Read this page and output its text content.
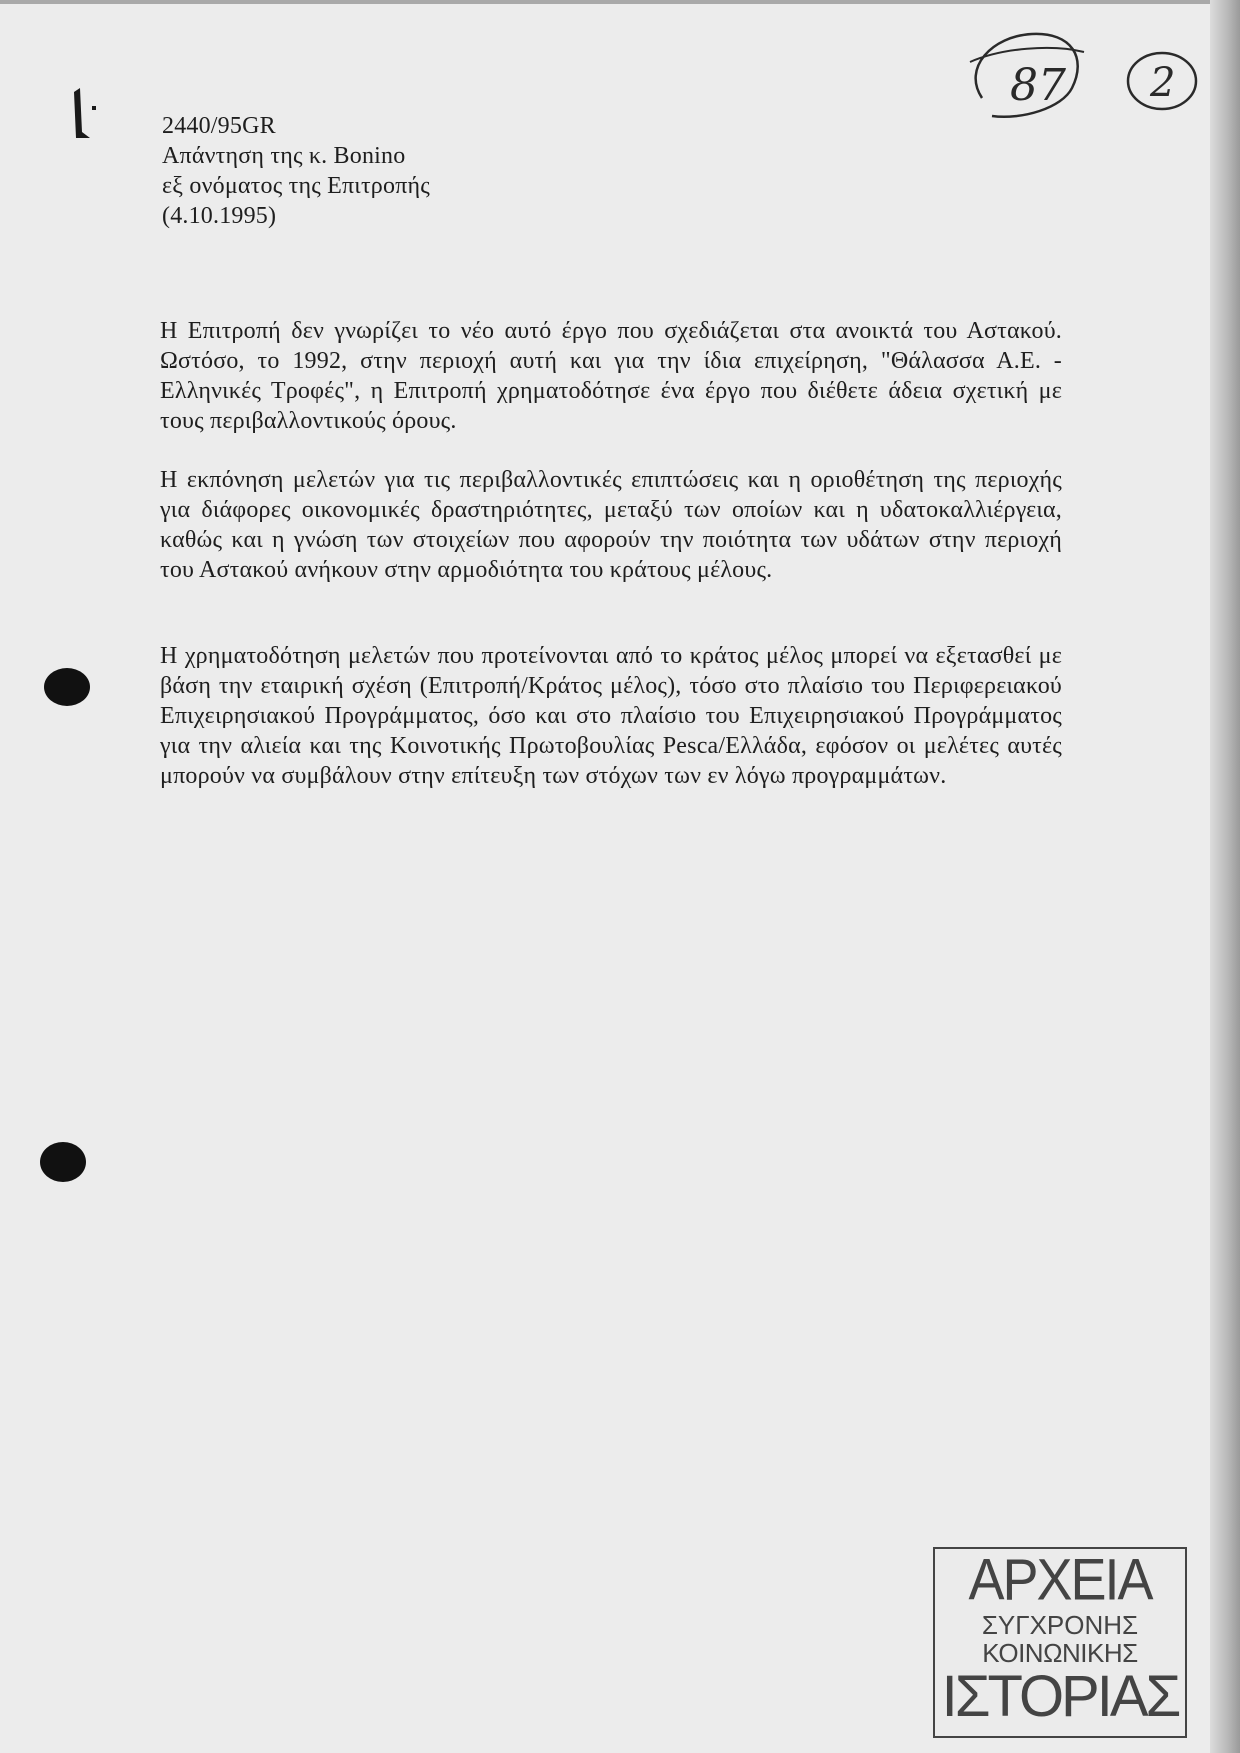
87 2
2440/95GR
Απάντηση της κ. Bonino
εξ ονόματος της Επιτροπής
(4.10.1995)

Η Επιτροπή δεν γνωρίζει το νέο αυτό έργο που σχεδιάζεται στα ανοικτά του Αστακού. Ωστόσο, το 1992, στην περιοχή αυτή και για την ίδια επιχείρηση, "Θάλασσα Α.Ε. - Ελληνικές Τροφές", η Επιτροπή χρηματοδότησε ένα έργο που διέθετε άδεια σχετική με τους περιβαλλοντικούς όρους.

Η εκπόνηση μελετών για τις περιβαλλοντικές επιπτώσεις και η οριοθέτηση της περιοχής για διάφορες οικονομικές δραστηριότητες, μεταξύ των οποίων και η υδατοκαλλιέργεια, καθώς και η γνώση των στοιχείων που αφορούν την ποιότητα των υδάτων στην περιοχή του Αστακού ανήκουν στην αρμοδιότητα του κράτους μέλους.

Η χρηματοδότηση μελετών που προτείνονται από το κράτος μέλος μπορεί να εξετασθεί με βάση την εταιρική σχέση (Επιτροπή/Κράτος μέλος), τόσο στο πλαίσιο του Περιφερειακού Επιχειρησιακού Προγράμματος, όσο και στο πλαίσιο του Επιχειρησιακού Προγράμματος για την αλιεία και της Κοινοτικής Πρωτοβουλίας Pesca/Ελλάδα, εφόσον οι μελέτες αυτές μπορούν να συμβάλουν στην επίτευξη των στόχων των εν λόγω προγραμμάτων.

ΑΡΧΕΙΑ
ΣΥΓΧΡΟΝΗΣ
ΚΟΙΝΩΝΙΚΗΣ
ΙΣΤΟΡΙΑΣ
